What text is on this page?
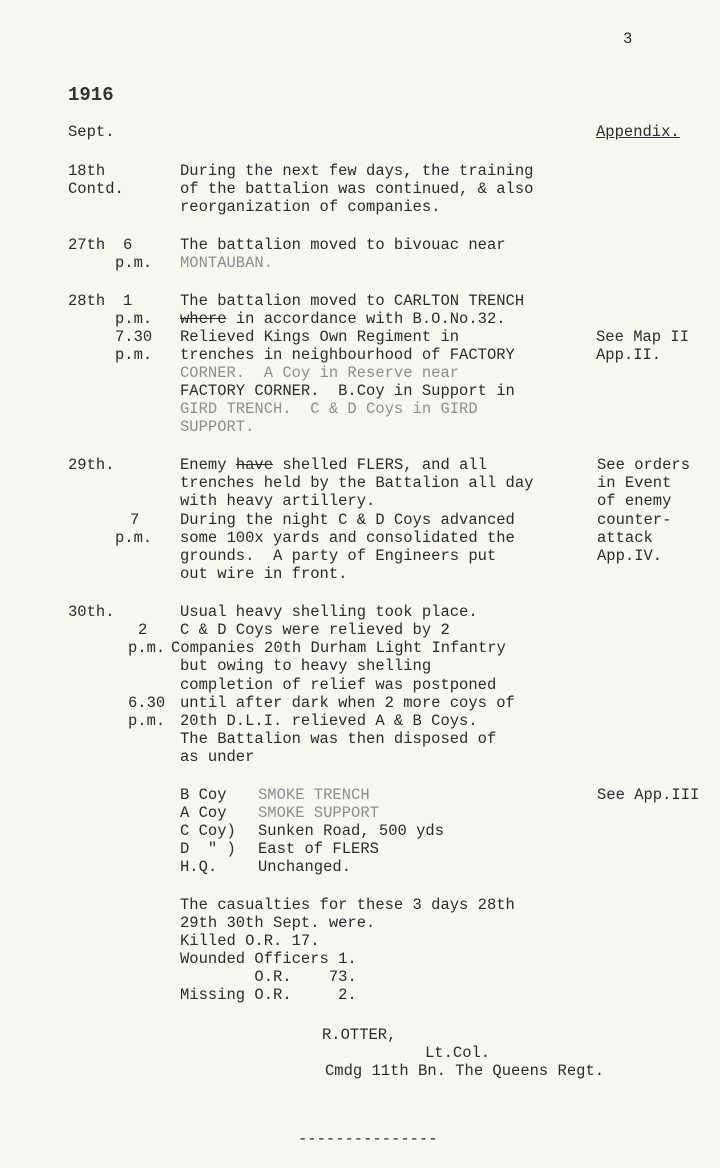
3
1916
Sept.	Appendix.
18th
Contd.
During the next few days, the training
of the battalion was continued, & also
reorganization of companies.
27th 6
p.m.
The battalion moved to bivouac near
MONTAUBAN.
28th 1
p.m.
7.30
p.m.
The battalion moved to CARLTON TRENCH
where in accordance with B.O.No.32.
Relieved Kings Own Regiment in
trenches in neighbourhood of FACTORY
CORNER.  A Coy in Reserve near
FACTORY CORNER.  B.Coy in Support in
GIRD TRENCH.  C & D Coys in GIRD
SUPPORT.
See Map II
App.II.
29th.
7
p.m.
Enemy have shelled FLERS, and all
trenches held by the Battalion all day
with heavy artillery.
During the night C & D Coys advanced
some 100x yards and consolidated the
grounds.  A party of Engineers put
out wire in front.
See orders
in Event
of enemy
counter-
attack
App.IV.
30th.
2
p.m.
6.30
p.m.
Usual heavy shelling took place.
C & D Coys were relieved by 2
Companies 20th Durham Light Infantry
but owing to heavy shelling
completion of relief was postponed
until after dark when 2 more coys of
20th D.L.I. relieved A & B Coys.
The Battalion was then disposed of
as under
B Coy SMOKE TRENCH
A Coy SMOKE SUPPORT
C Coy) Sunken Road, 500 yds
D  " ) East of FLERS
H.Q.	Unchanged.
See App.III
The casualties for these 3 days 28th
29th 30th Sept. were.
Killed O.R. 17.
Wounded Officers 1.
O.R.    73.
Missing O.R.     2.
R.OTTER,
Lt.Col.
Cmdg 11th Bn. The Queens Regt.
---------------
